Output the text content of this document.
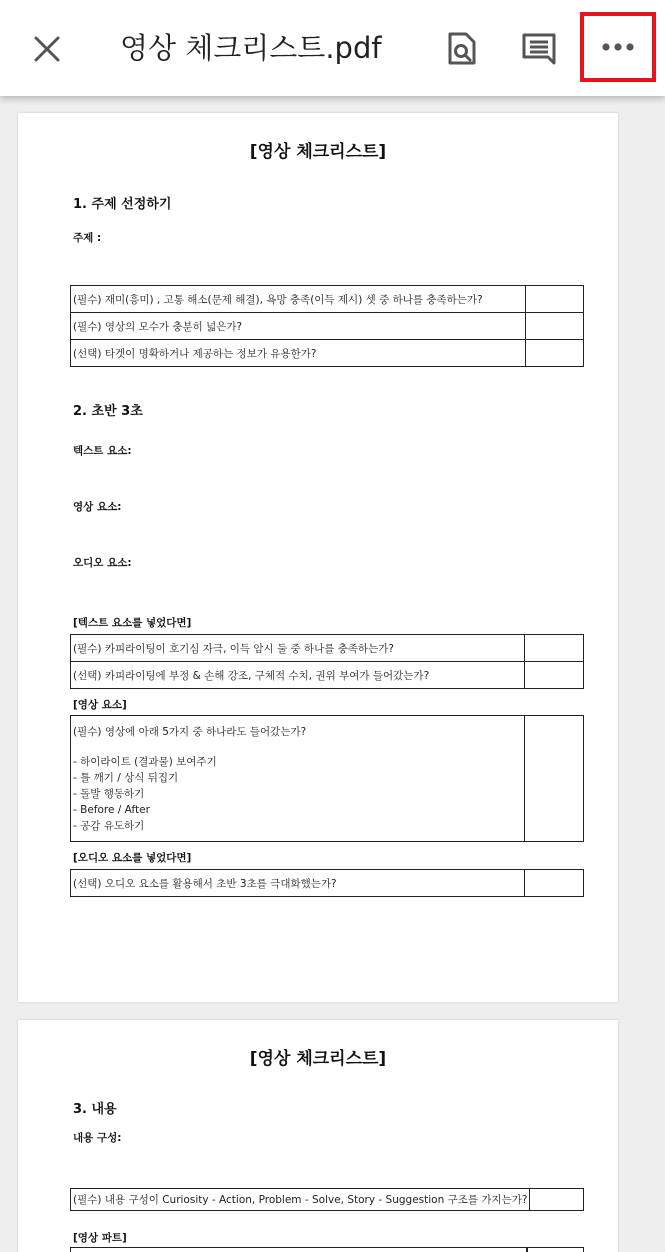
영상 체크리스트.pdf
[영상 체크리스트]
1. 주제 선정하기
주제 :
(필수) 재미(흥미) , 고통 해소(문제 해결), 욕망 충족(이득 제시) 셋 중 하나를 충족하는가?	
(필수) 영상의 모수가 충분히 넓은가?	
(선택) 타겟이 명확하거나 제공하는 정보가 유용한가?	
2. 초반 3초
텍스트 요소:
영상 요소:
오디오 요소:
[텍스트 요소를 넣었다면]
(필수) 카피라이팅이 호기심 자극, 이득 암시 둘 중 하나를 충족하는가?	
(선택) 카피라이팅에 부정 & 손해 강조, 구체적 수치, 권위 부여가 들어갔는가?	
[영상 요소]
(필수) 영상에 아래 5가지 중 하나라도 들어갔는가?
- 하이라이트 (결과물) 보여주기
- 틀 깨기 / 상식 뒤집기
- 돌발 행동하기
- Before / After
- 공감 유도하기

[오디오 요소를 넣었다면]
(선택) 오디오 요소를 활용해서 초반 3초를 극대화했는가?	
[영상 체크리스트]
3. 내용
내용 구성:
(필수) 내용 구성이 Curiosity - Action, Problem - Solve, Story - Suggestion 구조를 가지는가?	
[영상 파트]
